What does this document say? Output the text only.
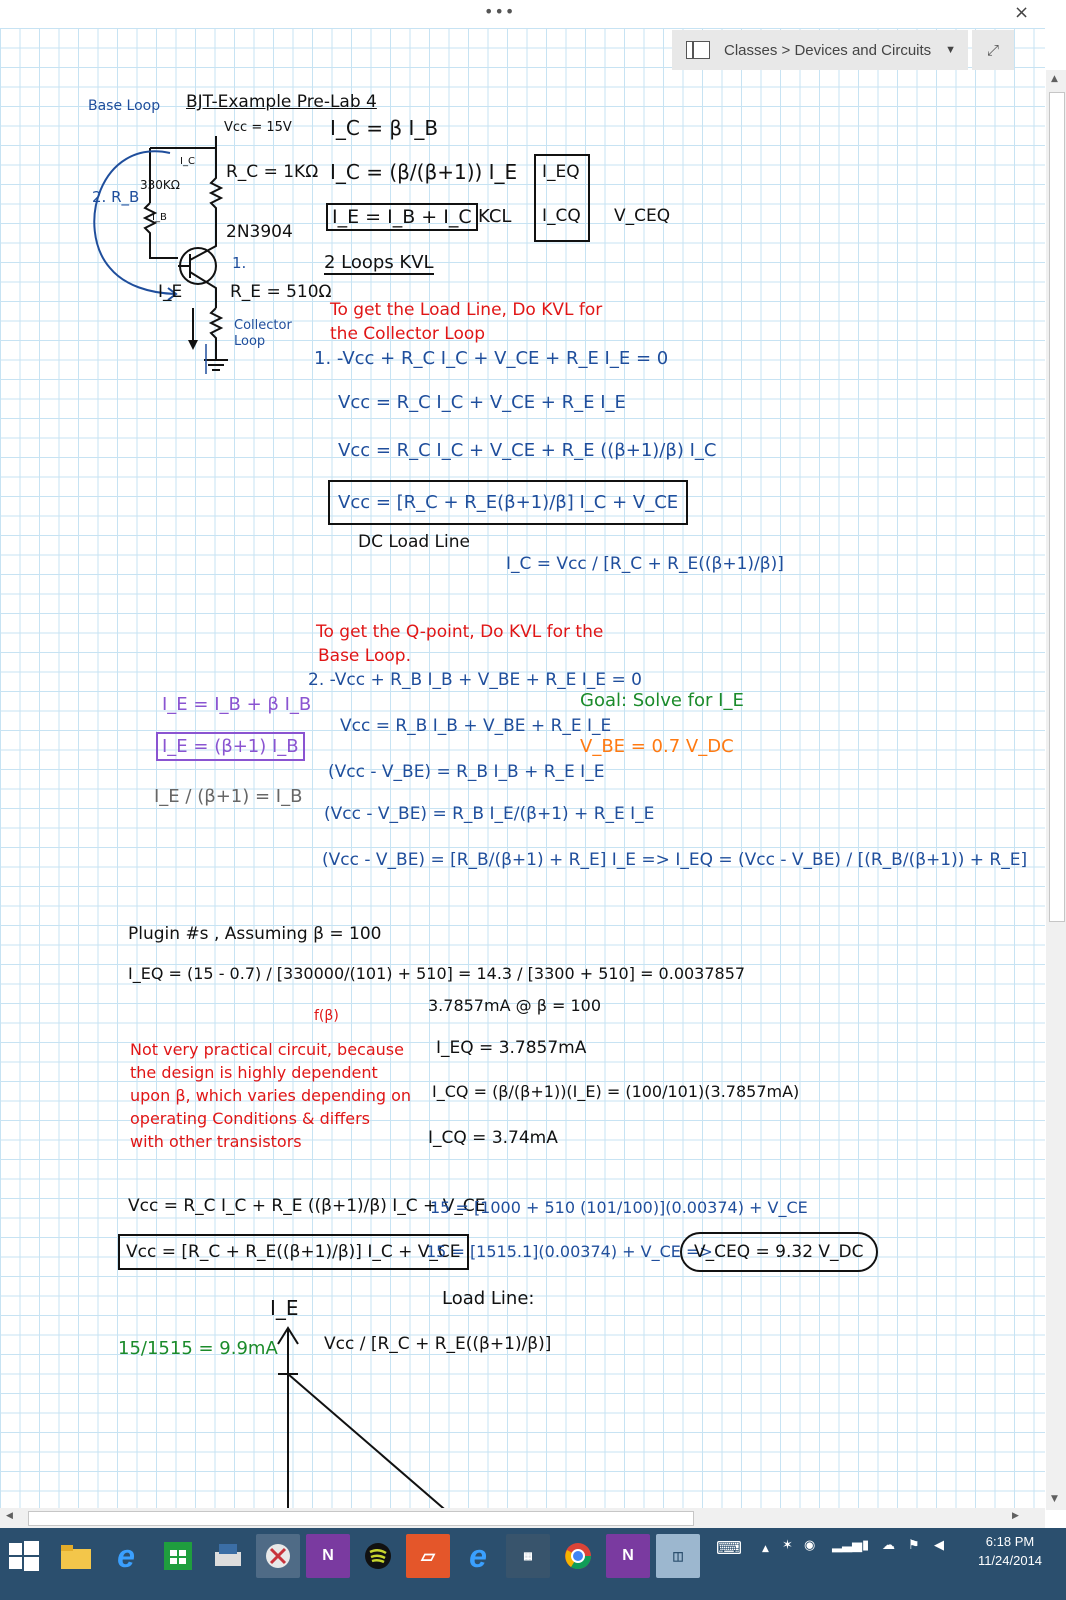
•••	×
Base Loop BJT-Example Pre-Lab 4
Vcc = 15V I_C = β I_B
I_C
R_C = 1KΩ I_C = (β/(β+1)) I_E
2. R_B
330KΩ
I_B
2N3904
I_E = I_B + I_C KCL
I_EQ
I_CQ V_CEQ
1.	2 Loops KVL
I_E	R_E = 510Ω
Collector Loop
To get the Load Line, Do KVL for
the Collector Loop
1. -Vcc + R_C I_C + V_CE + R_E I_E = 0
Vcc = R_C I_C + V_CE + R_E I_E
Vcc = R_C I_C + V_CE + R_E ((β+1)/β) I_C
Vcc = [R_C + R_E(β+1)/β] I_C + V_CE
DC Load Line
I_C = Vcc / [R_C + R_E((β+1)/β)]
To get the Q-point, Do KVL for the
Base Loop.
2. -Vcc + R_B I_B + V_BE + R_E I_E = 0
Vcc = R_B I_B + V_BE + R_E I_E
(Vcc - V_BE) = R_B I_B + R_E I_E
(Vcc - V_BE) = R_B I_E/(β+1) + R_E I_E
(Vcc - V_BE) = [R_B/(β+1) + R_E] I_E => I_EQ = (Vcc - V_BE) / [(R_B/(β+1)) + R_E]
I_E = I_B + β I_B
I_E = (β+1) I_B
I_E / (β+1) = I_B
Goal: Solve for I_E
V_BE = 0.7 V_DC
Plugin #s , Assuming β = 100
I_EQ = (15 - 0.7) / [330000/(101) + 510] = 14.3 / [3300 + 510] = 0.0037857
f(β)
3.7857mA @ β = 100
Not very practical circuit, because
the design is highly dependent
upon β, which varies depending on
operating Conditions & differs
with other transistors
I_EQ = 3.7857mA
I_CQ = (β/(β+1))(I_E) = (100/101)(3.7857mA)
I_CQ = 3.74mA
Vcc = R_C I_C + R_E ((β+1)/β) I_C + V_CE
Vcc = [R_C + R_E((β+1)/β)] I_C + V_CE
15 = [1000 + 510 (101/100)](0.00374) + V_CE
15 = [1515.1](0.00374) + V_CE =>
V_CEQ = 9.32 V_DC
Load Line:
I_E
15/1515 = 9.9mA	Vcc / [R_C + R_E((β+1)/β)]
Classes > Devices and Circuits ▼	⤢
▲
▼
◀	▶
e	N	▱	e	▦	N	◫	⌨ ▲ ✶ ◉ ▂▃▅ ▮ ☁ ⚑ ◀	6:18 PM
11/24/2014
